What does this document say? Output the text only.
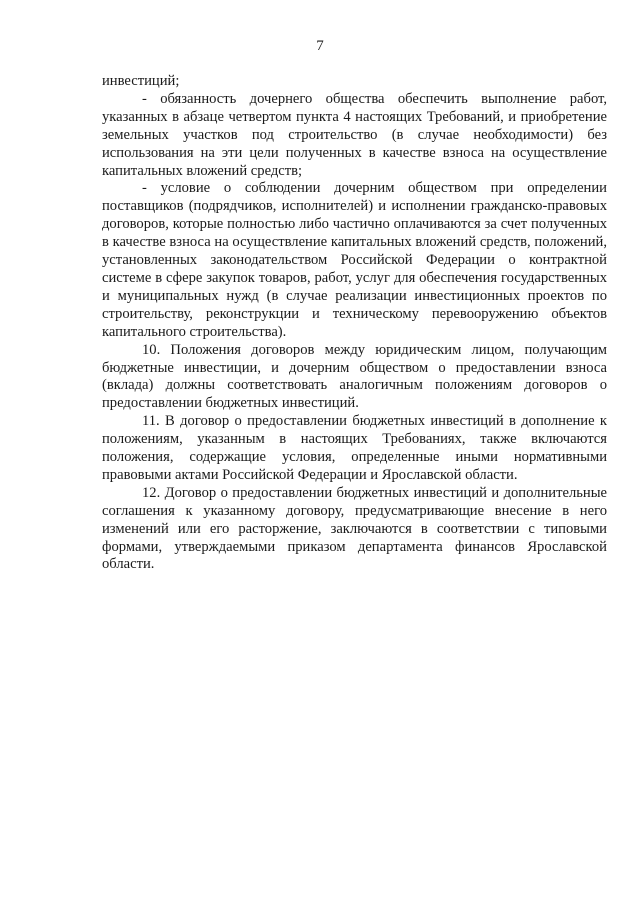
7

инвестиций;

- обязанность дочернего общества обеспечить выполнение работ, указанных в абзаце четвертом пункта 4 настоящих Требований, и приобретение земельных участков под строительство (в случае необходимости) без использования на эти цели полученных в качестве взноса на осуществление капитальных вложений средств;

- условие о соблюдении дочерним обществом при определении поставщиков (подрядчиков, исполнителей) и исполнении гражданско-правовых договоров, которые полностью либо частично оплачиваются за счет полученных в качестве взноса на осуществление капитальных вложений средств, положений, установленных законодательством Российской Федерации о контрактной системе в сфере закупок товаров, работ, услуг для обеспечения государственных и муниципальных нужд (в случае реализации инвестиционных проектов по строительству, реконструкции и техническому перевооружению объектов капитального строительства).

10. Положения договоров между юридическим лицом, получающим бюджетные инвестиции, и дочерним обществом о предоставлении взноса (вклада) должны соответствовать аналогичным положениям договоров о предоставлении бюджетных инвестиций.

11. В договор о предоставлении бюджетных инвестиций в дополнение к положениям, указанным в настоящих Требованиях, также включаются положения, содержащие условия, определенные иными нормативными правовыми актами Российской Федерации и Ярославской области.

12. Договор о предоставлении бюджетных инвестиций и дополнительные соглашения к указанному договору, предусматривающие внесение в него изменений или его расторжение, заключаются в соответствии с типовыми формами, утверждаемыми приказом департамента финансов Ярославской области.
